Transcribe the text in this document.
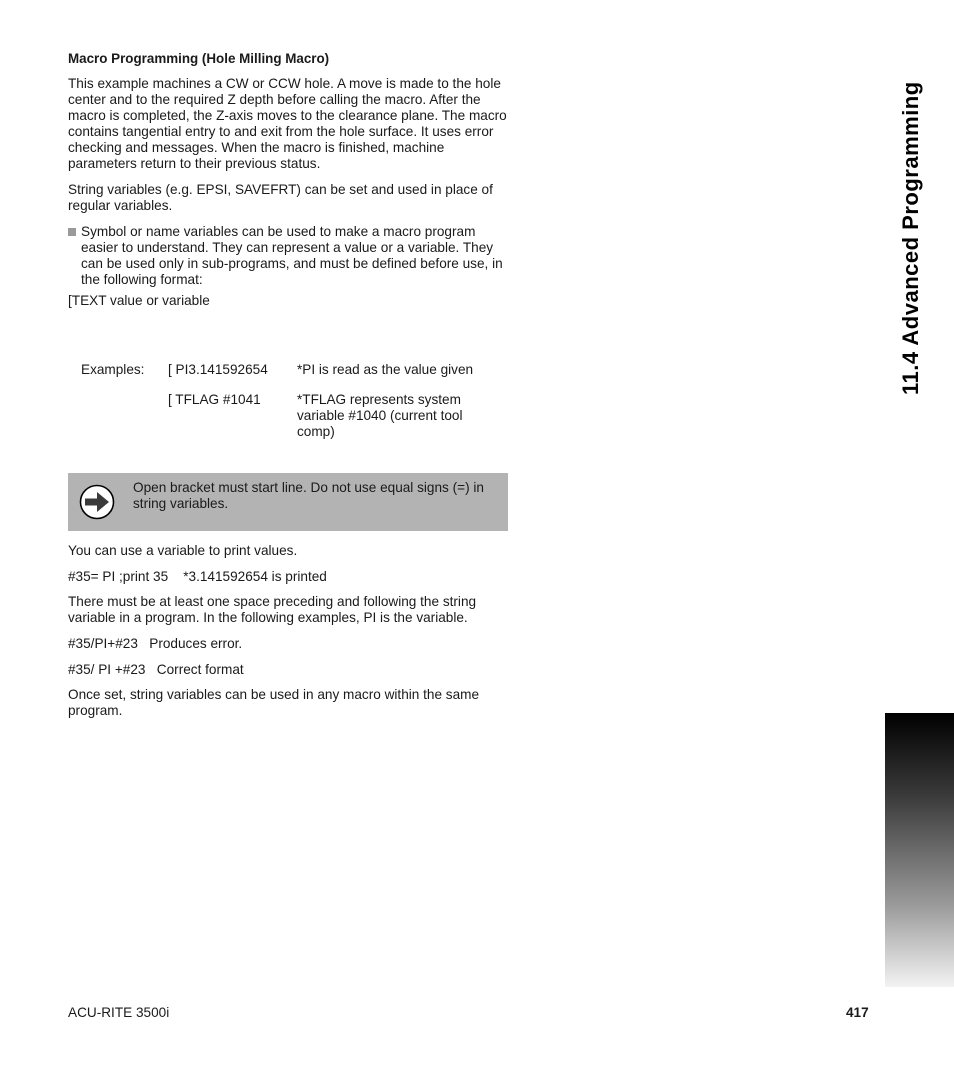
Macro Programming (Hole Milling Macro)

This example machines a CW or CCW hole. A move is made to the hole center and to the required Z depth before calling the macro. After the macro is completed, the Z-axis moves to the clearance plane. The macro contains tangential entry to and exit from the hole surface. It uses error checking and messages. When the macro is finished, machine parameters return to their previous status.

String variables (e.g. EPSI, SAVEFRT) can be set and used in place of regular variables.

Symbol or name variables can be used to make a macro program easier to understand. They can represent a value or a variable. They can be used only in sub-programs, and must be defined before use, in the following format:

[TEXT value or variable

Examples: [ PI3.141592654 *PI is read as the value given
[ TFLAG #1041	*TFLAG represents system variable #1040 (current tool comp)
Open bracket must start line. Do not use equal signs (=) in string variables.

You can use a variable to print values.

#35= PI ;print 35    *3.141592654 is printed

There must be at least one space preceding and following the string variable in a program. In the following examples, PI is the variable.

#35/PI+#23   Produces error.

#35/ PI +#23   Correct format

Once set, string variables can be used in any macro within the same program.

11.4 Advanced Programming
ACU-RITE 3500i	417
